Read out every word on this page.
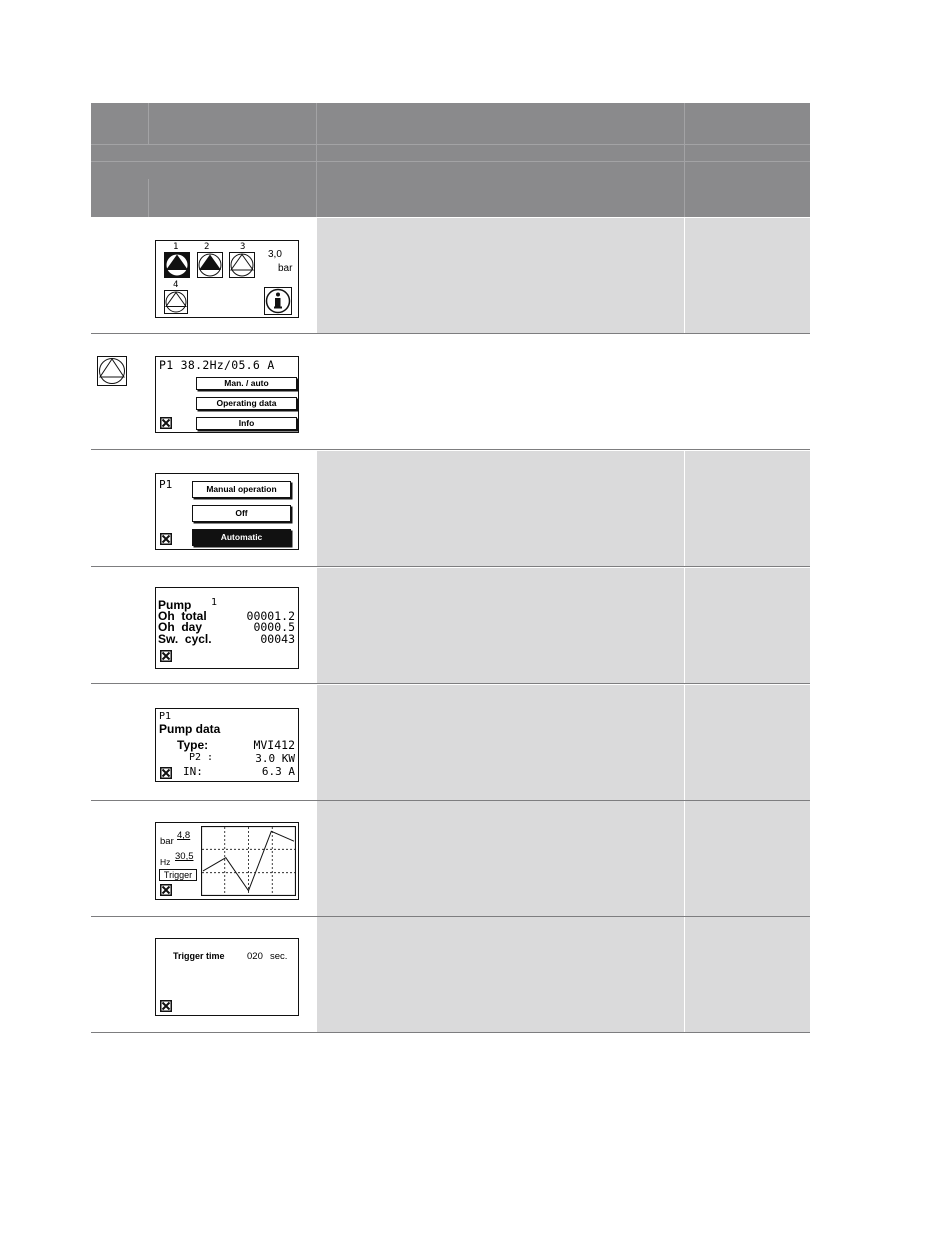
1	2	3
4
3,0
bar
P1 38.2Hz/05.6 A
Man. / auto
Operating data
Info
P1	Manual operation
Off
Automatic
Pump 1
Oh  total	00001.2
Oh  day	0000.5
Sw.  cycl.	00043
P1
Pump data
Type:	MVI412
P2 :	3.0 KW
IN:	6.3 A
bar
4,8
Hz 30,5
Trigger
Trigger time 020 sec.
